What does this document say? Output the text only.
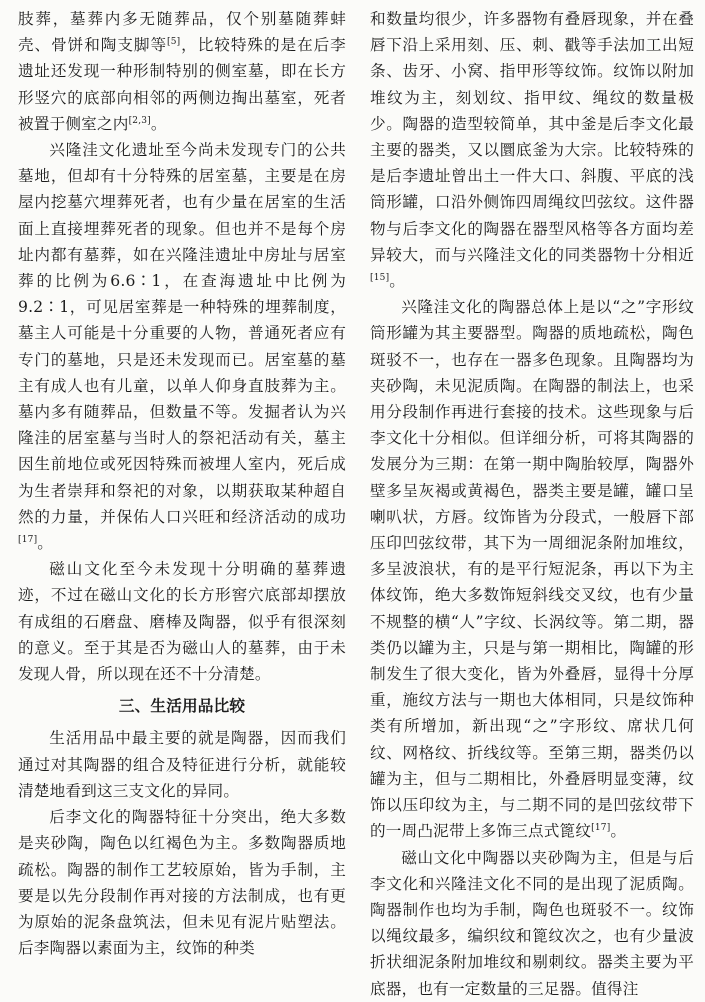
肢葬，墓葬内多无随葬品，仅个别墓随葬蚌壳、骨饼和陶支脚等[5]，比较特殊的是在后李遗址还发现一种形制特别的侧室墓，即在长方形竖穴的底部向相邻的两侧边掏出墓室，死者被置于侧室之内[2,3]。

兴隆洼文化遗址至今尚未发现专门的公共墓地，但却有十分特殊的居室墓，主要是在房屋内挖墓穴埋葬死者，也有少量在居室的生活面上直接埋葬死者的现象。但也并不是每个房址内都有墓葬，如在兴隆洼遗址中房址与居室葬的比例为6.6∶1，在查海遗址中比例为9.2∶1，可见居室葬是一种特殊的埋葬制度，墓主人可能是十分重要的人物，普通死者应有专门的墓地，只是还未发现而已。居室墓的墓主有成人也有儿童，以单人仰身直肢葬为主。墓内多有随葬品，但数量不等。发掘者认为兴隆洼的居室墓与当时人的祭祀活动有关，墓主因生前地位或死因特殊而被埋人室内，死后成为生者崇拜和祭祀的对象，以期获取某种超自然的力量，并保佑人口兴旺和经济活动的成功[17]。

磁山文化至今未发现十分明确的墓葬遗迹，不过在磁山文化的长方形窖穴底部却摆放有成组的石磨盘、磨棒及陶器，似乎有很深刻的意义。至于其是否为磁山人的墓葬，由于未发现人骨，所以现在还不十分清楚。

三、生活用品比较

生活用品中最主要的就是陶器，因而我们通过对其陶器的组合及特征进行分析，就能较清楚地看到这三支文化的异同。

后李文化的陶器特征十分突出，绝大多数是夹砂陶，陶色以红褐色为主。多数陶器质地疏松。陶器的制作工艺较原始，皆为手制，主要是以先分段制作再对接的方法制成，也有更为原始的泥条盘筑法，但未见有泥片贴塑法。后李陶器以素面为主，纹饰的种类

和数量均很少，许多器物有叠唇现象，并在叠唇下沿上采用刻、压、刺、戳等手法加工出短条、齿牙、小窝、指甲形等纹饰。纹饰以附加堆纹为主，刻划纹、指甲纹、绳纹的数量极少。陶器的造型较简单，其中釜是后李文化最主要的器类，又以圜底釜为大宗。比较特殊的是后李遗址曾出土一件大口、斜腹、平底的浅筒形罐，口沿外侧饰四周绳纹凹弦纹。这件器物与后李文化的陶器在器型风格等各方面均差异较大，而与兴隆洼文化的同类器物十分相近[15]。

兴隆洼文化的陶器总体上是以“之”字形纹筒形罐为其主要器型。陶器的质地疏松，陶色斑驳不一，也存在一器多色现象。且陶器均为夹砂陶，未见泥质陶。在陶器的制法上，也采用分段制作再进行套接的技术。这些现象与后李文化十分相似。但详细分析，可将其陶器的发展分为三期：在第一期中陶胎较厚，陶器外壁多呈灰褐或黄褐色，器类主要是罐，罐口呈喇叭状，方唇。纹饰皆为分段式，一般唇下部压印凹弦纹带，其下为一周细泥条附加堆纹，多呈波浪状，有的是平行短泥条，再以下为主体纹饰，绝大多数饰短斜线交叉纹，也有少量不规整的横“人”字纹、长涡纹等。第二期，器类仍以罐为主，只是与第一期相比，陶罐的形制发生了很大变化，皆为外叠唇，显得十分厚重，施纹方法与一期也大体相同，只是纹饰种类有所增加，新出现“之”字形纹、席状几何纹、网格纹、折线纹等。至第三期，器类仍以罐为主，但与二期相比，外叠唇明显变薄，纹饰以压印纹为主，与二期不同的是凹弦纹带下的一周凸泥带上多饰三点式篦纹[17]。

磁山文化中陶器以夹砂陶为主，但是与后李文化和兴隆洼文化不同的是出现了泥质陶。陶器制作也均为手制，陶色也斑驳不一。纹饰以绳纹最多，编织纹和篦纹次之，也有少量波折状细泥条附加堆纹和剔刺纹。器类主要为平底器，也有一定数量的三足器。值得注
